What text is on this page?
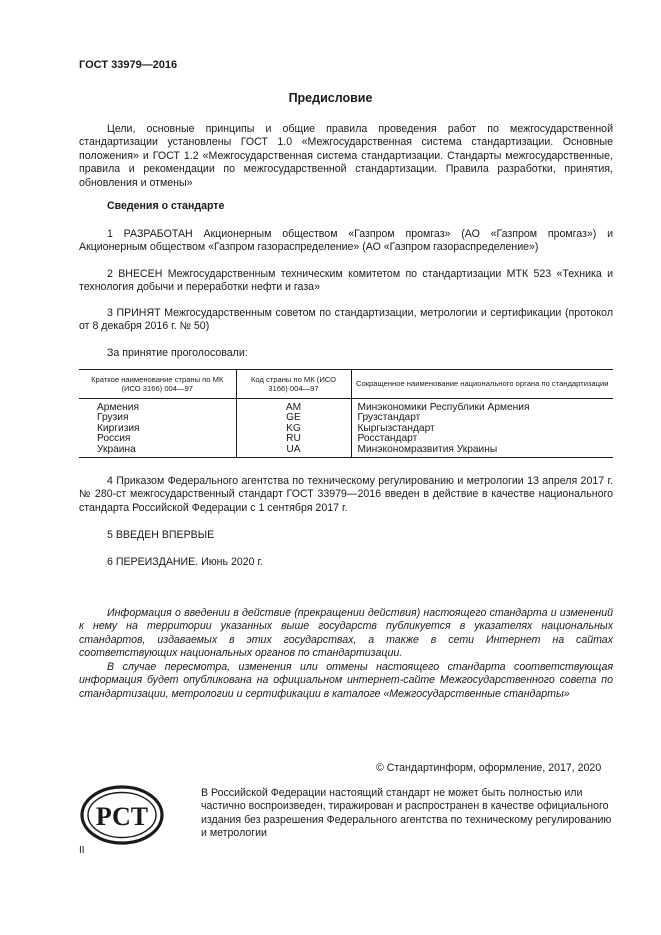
ГОСТ 33979—2016
Предисловие
Цели, основные принципы и общие правила проведения работ по межгосударственной стандартизации установлены ГОСТ 1.0 «Межгосударственная система стандартизации. Основные положения» и ГОСТ 1.2 «Межгосударственная система стандартизации. Стандарты межгосударственные, правила и рекомендации по межгосударственной стандартизации. Правила разработки, принятия, обновления и отмены»
Сведения о стандарте
1 РАЗРАБОТАН Акционерным обществом «Газпром промгаз» (АО «Газпром промгаз») и Акционерным обществом «Газпром газораспределение» (АО «Газпром газораспределение»)
2 ВНЕСЕН Межгосударственным техническим комитетом по стандартизации МТК 523 «Техника и технология добычи и переработки нефти и газа»
3 ПРИНЯТ Межгосударственным советом по стандартизации, метрологии и сертификации (протокол от 8 декабря 2016 г. № 50)
За принятие проголосовали:
Краткое наименование страны по МК (ИСО 3166) 004—97	Код страны по МК (ИСО 3166) 004—97	Сокращенное наименование национального органа по стандартизации
Армения	AM	Минэкономики Республики Армения
Грузия	GE	Грузстандарт
Киргизия	KG	Кыргызстандарт
Россия	RU	Росстандарт
Украина	UA	Минэкономразвития Украины
4 Приказом Федерального агентства по техническому регулированию и метрологии 13 апреля 2017 г. № 280-ст межгосударственный стандарт ГОСТ 33979—2016 введен в действие в качестве национального стандарта Российской Федерации с 1 сентября 2017 г.
5 ВВЕДЕН ВПЕРВЫЕ
6 ПЕРЕИЗДАНИЕ. Июнь 2020 г.
Информация о введении в действие (прекращении действия) настоящего стандарта и изменений к нему на территории указанных выше государств публикуется в указателях национальных стандартов, издаваемых в этих государствах, а также в сети Интернет на сайтах соответствующих национальных органов по стандартизации.
В случае пересмотра, изменения или отмены настоящего стандарта соответствующая информация будет опубликована на официальном интернет-сайте Межгосударственного совета по стандартизации, метрологии и сертификации в каталоге «Межгосударственные стандарты»
© Стандартинформ, оформление, 2017, 2020
РСТ
В Российской Федерации настоящий стандарт не может быть полностью или частично воспроизведен, тиражирован и распространен в качестве официального издания без разрешения Федерального агентства по техническому регулированию и метрологии
II
